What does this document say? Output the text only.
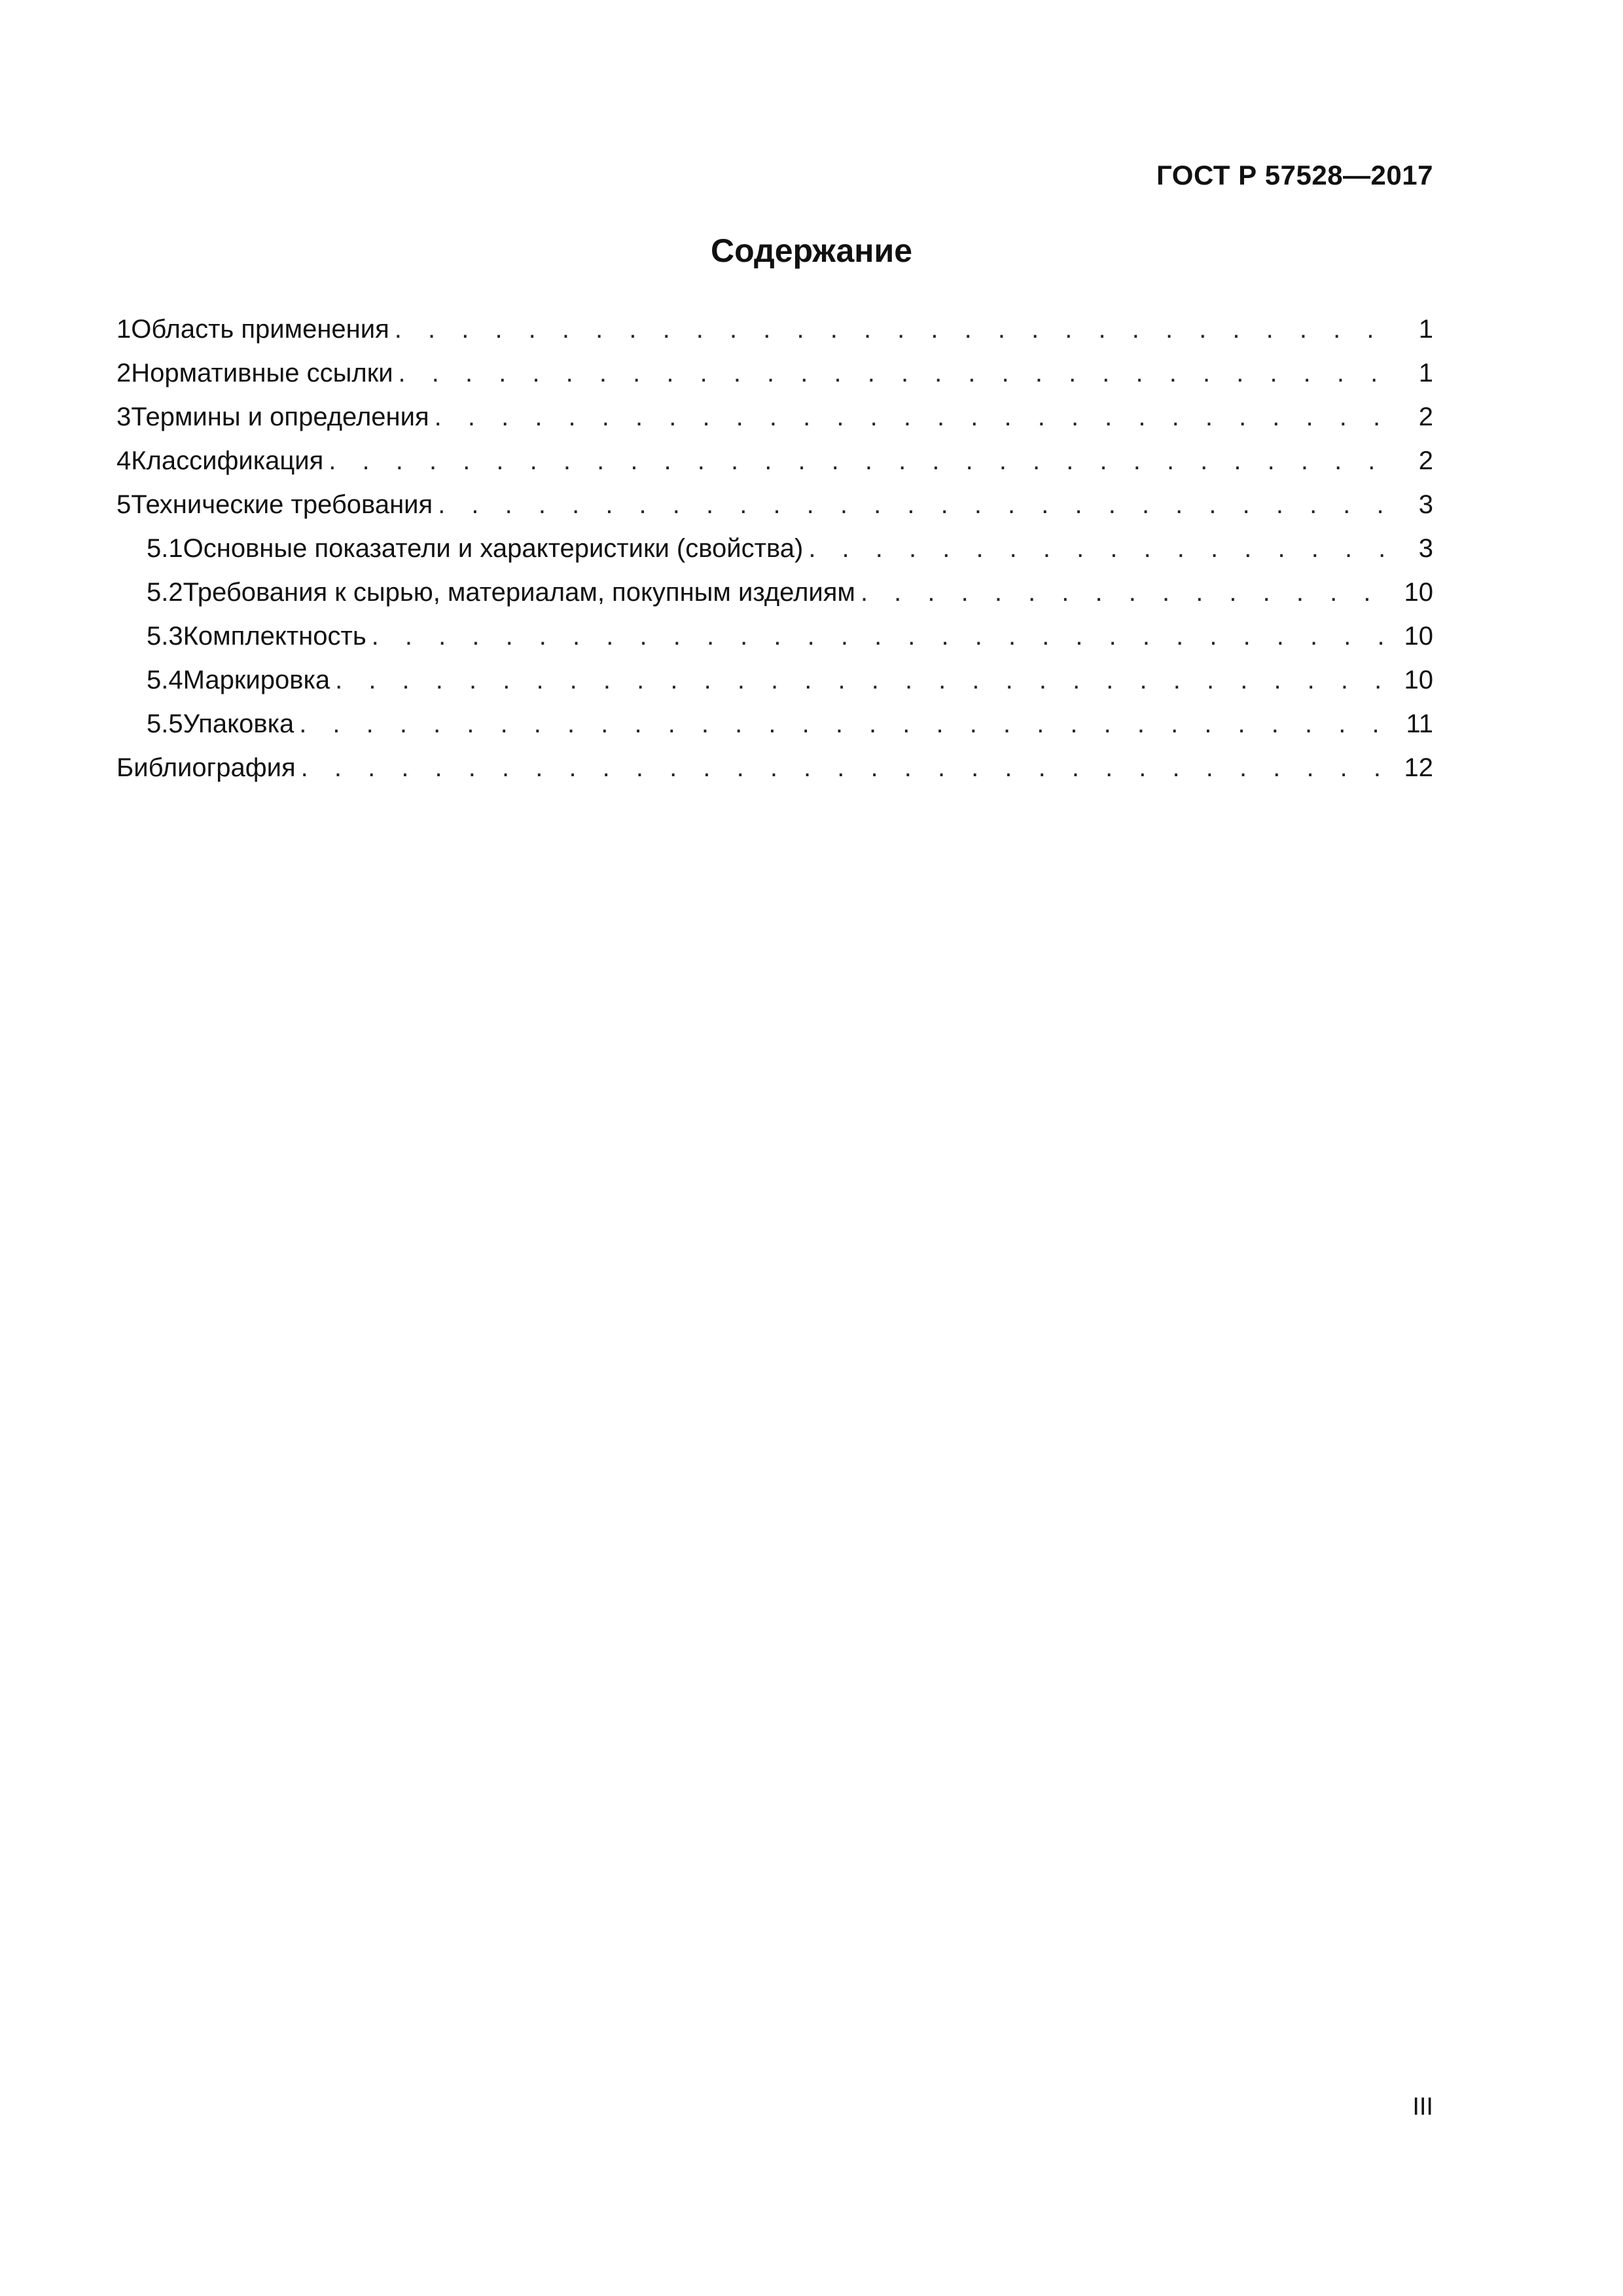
ГОСТ Р 57528—2017
Содержание
1 Область применения . . .	1
2 Нормативные ссылки . . .	1
3 Термины и определения . . .	2
4 Классификация . . .	2
5 Технические требования . . .	3
5.1 Основные показатели и характеристики (свойства) . . .	3
5.2 Требования к сырью, материалам, покупным изделиям . . .	10
5.3 Комплектность . . .	10
5.4 Маркировка . . .	10
5.5 Упаковка . . .	11
Библиография . . .	12
III
